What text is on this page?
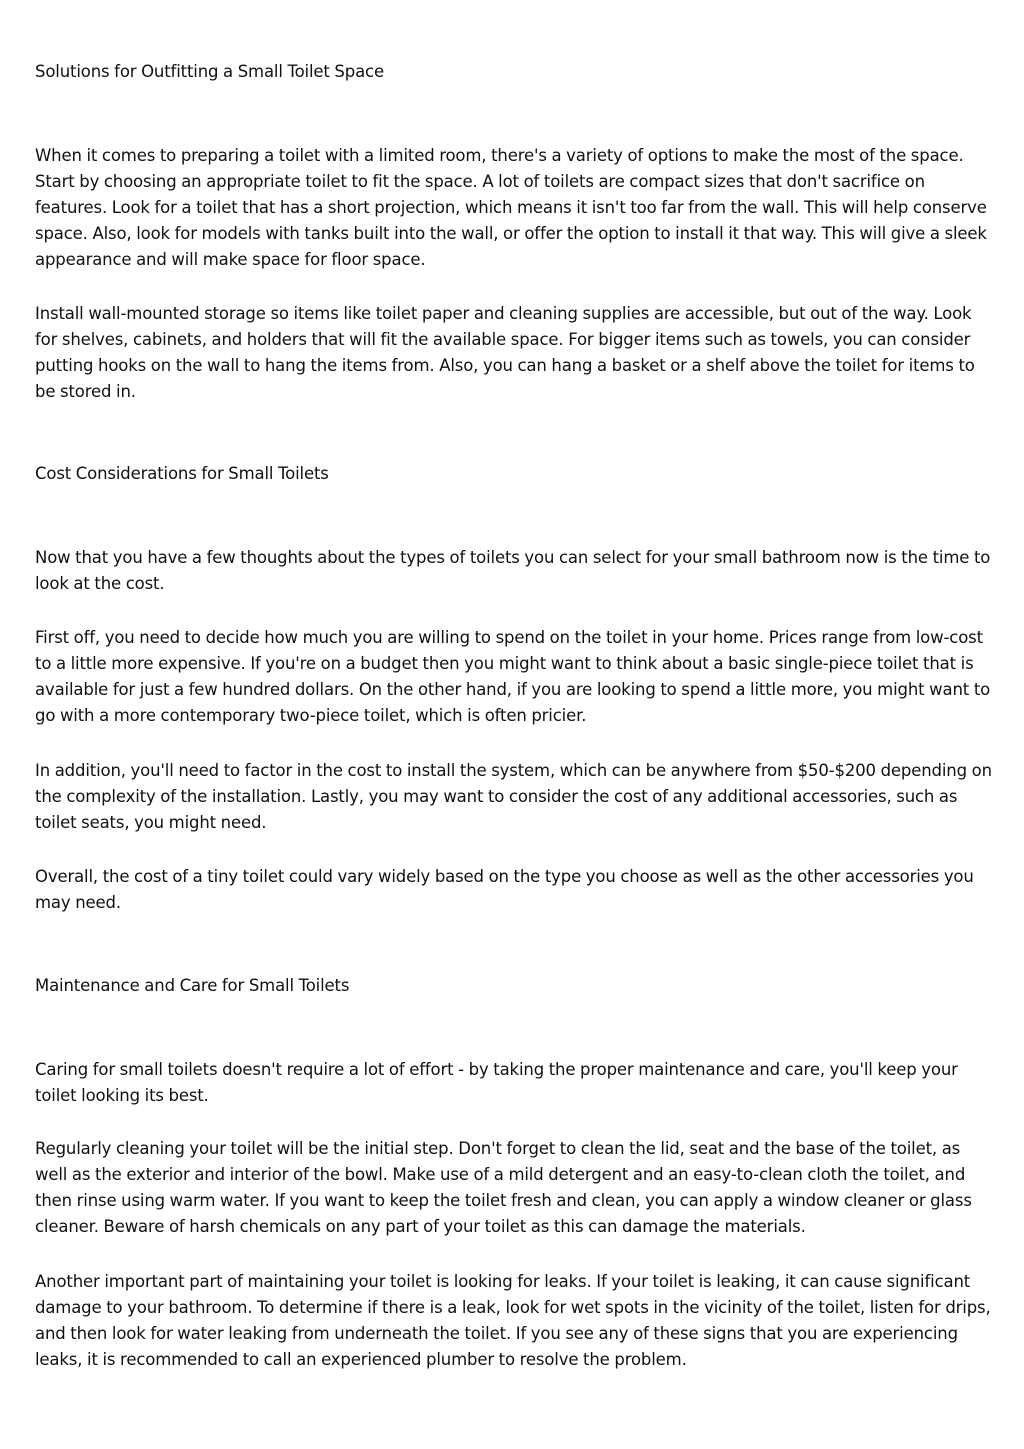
Solutions for Outfitting a Small Toilet Space

When it comes to preparing a toilet with a limited room, there's a variety of options to make the most of the space. Start by choosing an appropriate toilet to fit the space. A lot of toilets are compact sizes that don't sacrifice on features. Look for a toilet that has a short projection, which means it isn't too far from the wall. This will help conserve space. Also, look for models with tanks built into the wall, or offer the option to install it that way. This will give a sleek appearance and will make space for floor space.

Install wall-mounted storage so items like toilet paper and cleaning supplies are accessible, but out of the way. Look for shelves, cabinets, and holders that will fit the available space. For bigger items such as towels, you can consider putting hooks on the wall to hang the items from. Also, you can hang a basket or a shelf above the toilet for items to be stored in.

Cost Considerations for Small Toilets

Now that you have a few thoughts about the types of toilets you can select for your small bathroom now is the time to look at the cost.

First off, you need to decide how much you are willing to spend on the toilet in your home. Prices range from low-cost to a little more expensive. If you're on a budget then you might want to think about a basic single-piece toilet that is available for just a few hundred dollars. On the other hand, if you are looking to spend a little more, you might want to go with a more contemporary two-piece toilet, which is often pricier.

In addition, you'll need to factor in the cost to install the system, which can be anywhere from $50-$200 depending on the complexity of the installation. Lastly, you may want to consider the cost of any additional accessories, such as toilet seats, you might need.

Overall, the cost of a tiny toilet could vary widely based on the type you choose as well as the other accessories you may need.

Maintenance and Care for Small Toilets

Caring for small toilets doesn't require a lot of effort - by taking the proper maintenance and care, you'll keep your toilet looking its best.

Regularly cleaning your toilet will be the initial step. Don't forget to clean the lid, seat and the base of the toilet, as well as the exterior and interior of the bowl. Make use of a mild detergent and an easy-to-clean cloth the toilet, and then rinse using warm water. If you want to keep the toilet fresh and clean, you can apply a window cleaner or glass cleaner. Beware of harsh chemicals on any part of your toilet as this can damage the materials.

Another important part of maintaining your toilet is looking for leaks. If your toilet is leaking, it can cause significant damage to your bathroom. To determine if there is a leak, look for wet spots in the vicinity of the toilet, listen for drips, and then look for water leaking from underneath the toilet. If you see any of these signs that you are experiencing leaks, it is recommended to call an experienced plumber to resolve the problem.
